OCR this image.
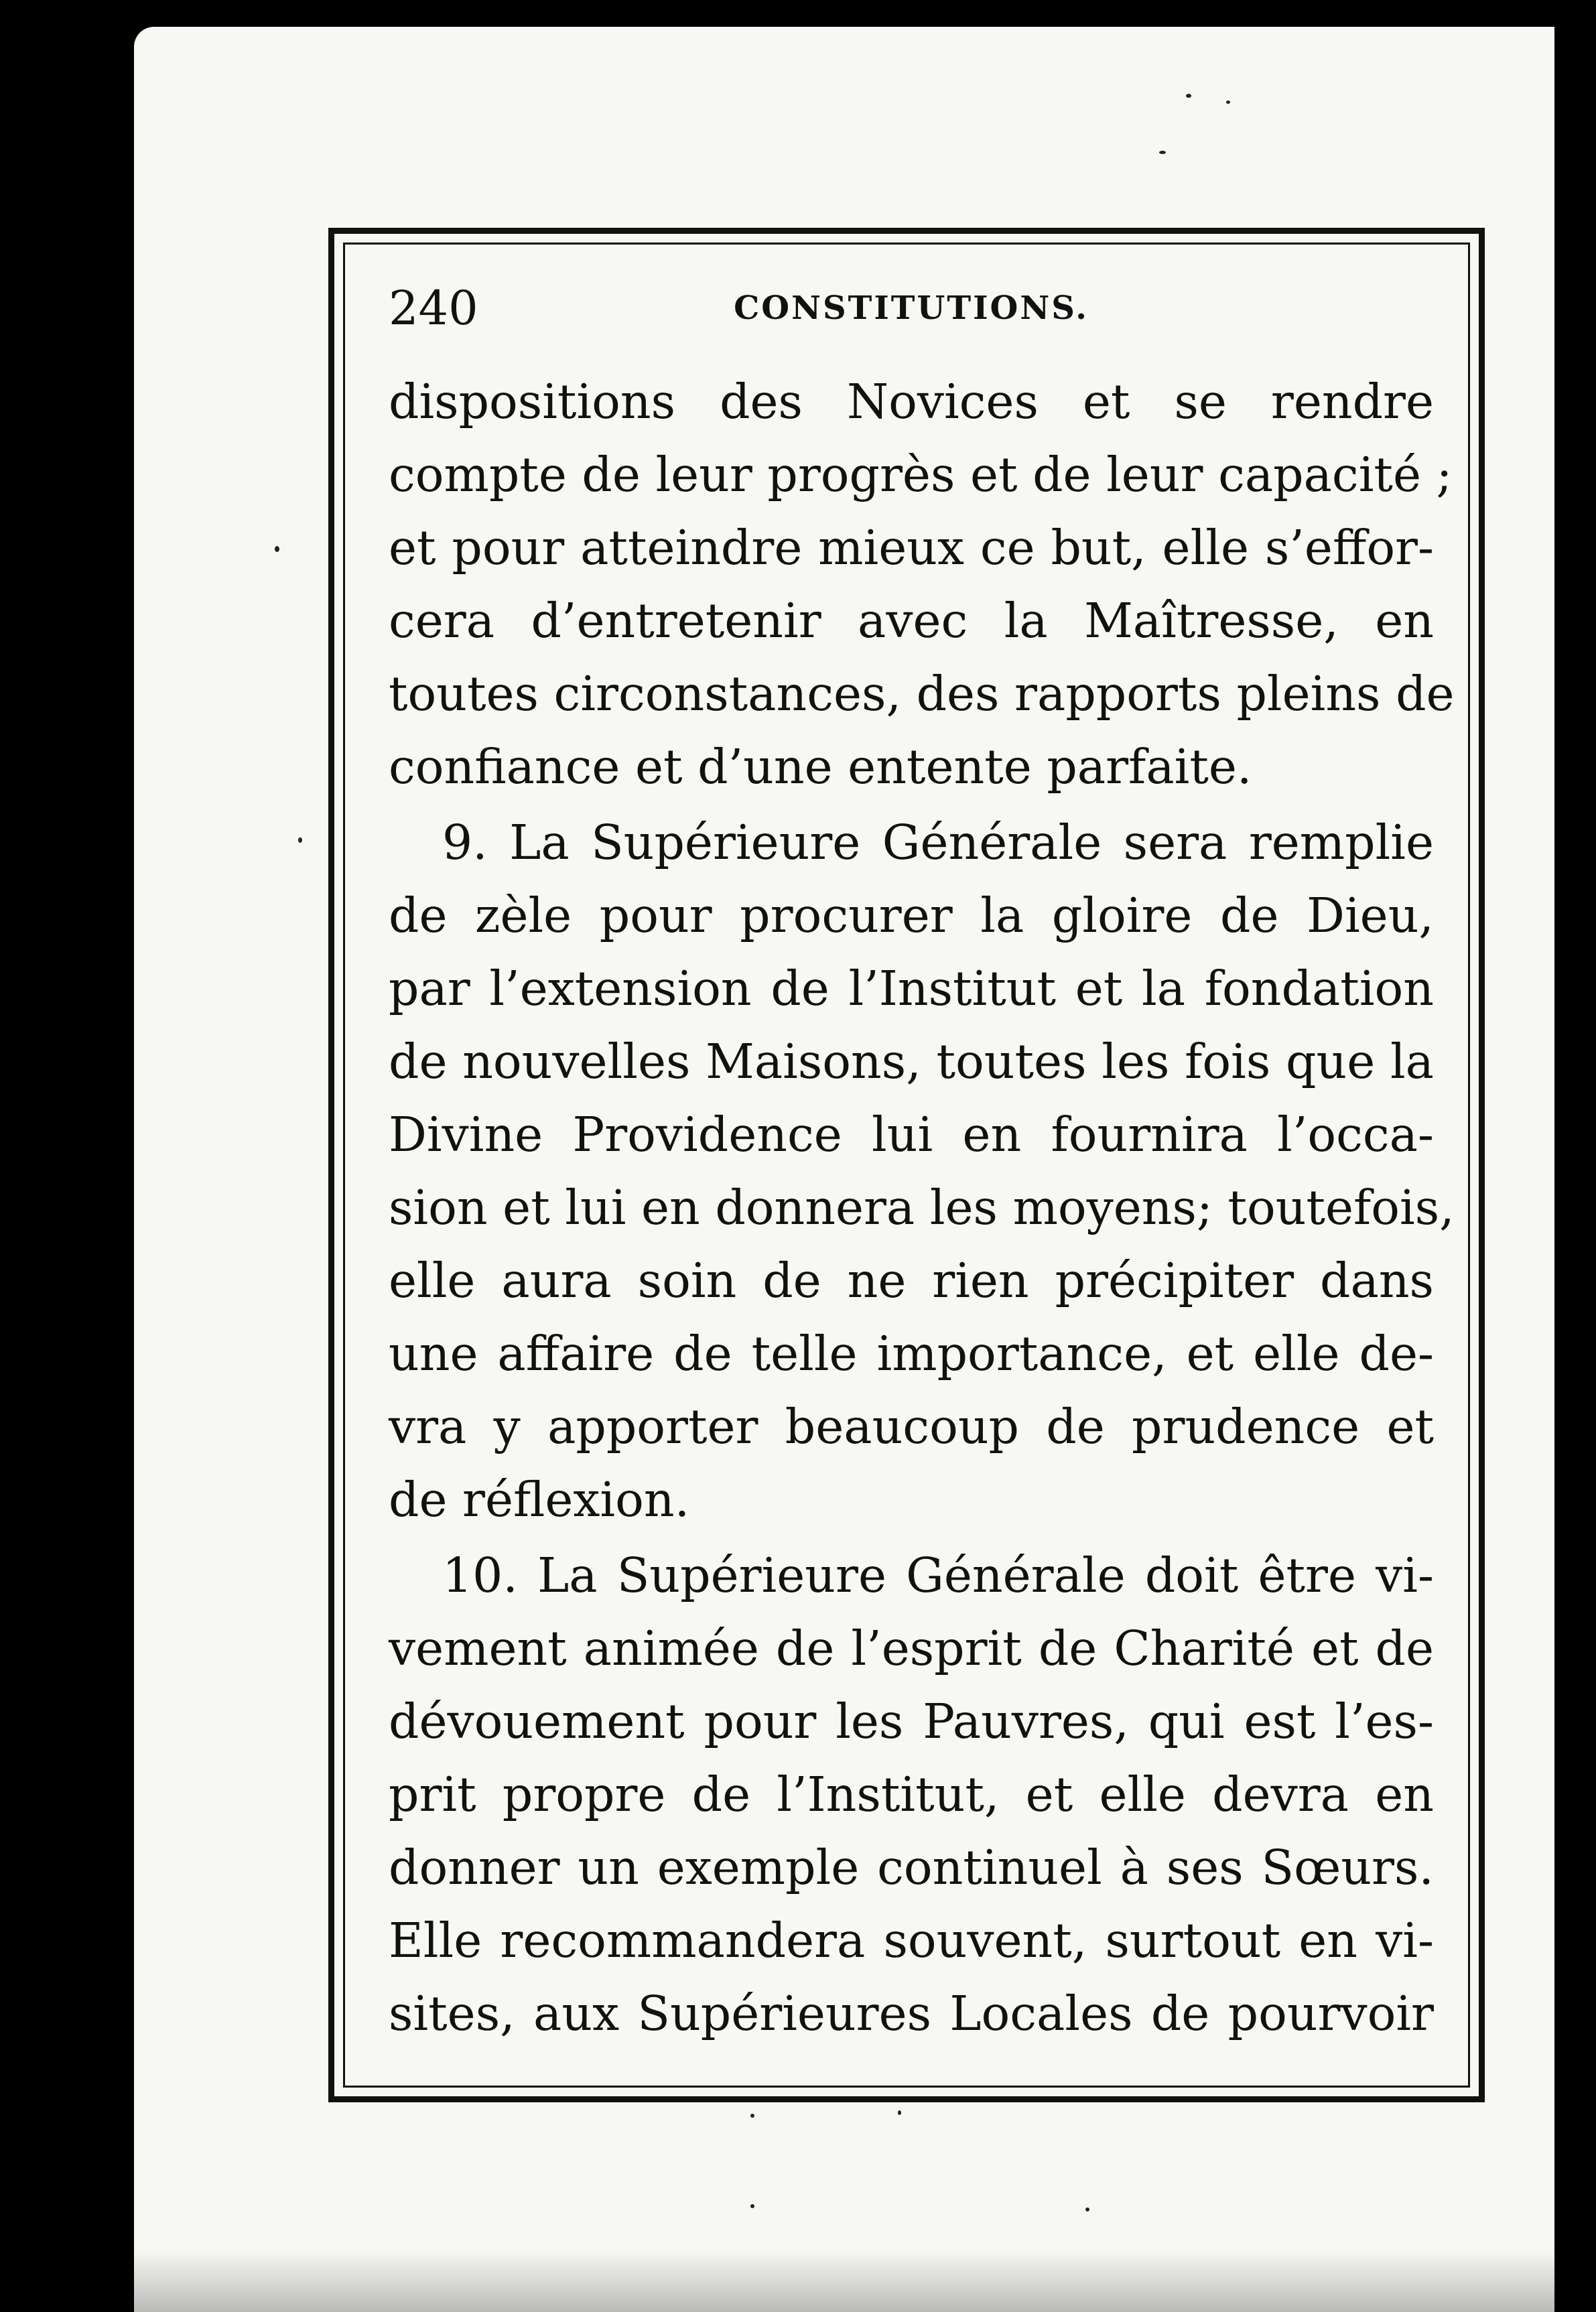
240	CONSTITUTIONS.
dispositions des Novices et se rendre
compte de leur progrès et de leur capacité ;
et pour atteindre mieux ce but, elle s’effor-
cera d’entretenir avec la Maîtresse, en
toutes circonstances, des rapports pleins de
confiance et d’une entente parfaite.
9. La Supérieure Générale sera remplie
de zèle pour procurer la gloire de Dieu,
par l’extension de l’Institut et la fondation
de nouvelles Maisons, toutes les fois que la
Divine Providence lui en fournira l’occa-
sion et lui en donnera les moyens; toutefois,
elle aura soin de ne rien précipiter dans
une affaire de telle importance, et elle de-
vra y apporter beaucoup de prudence et
de réflexion.
10. La Supérieure Générale doit être vi-
vement animée de l’esprit de Charité et de
dévouement pour les Pauvres, qui est l’es-
prit propre de l’Institut, et elle devra en
donner un exemple continuel à ses Sœurs.
Elle recommandera souvent, surtout en vi-
sites, aux Supérieures Locales de pourvoir
